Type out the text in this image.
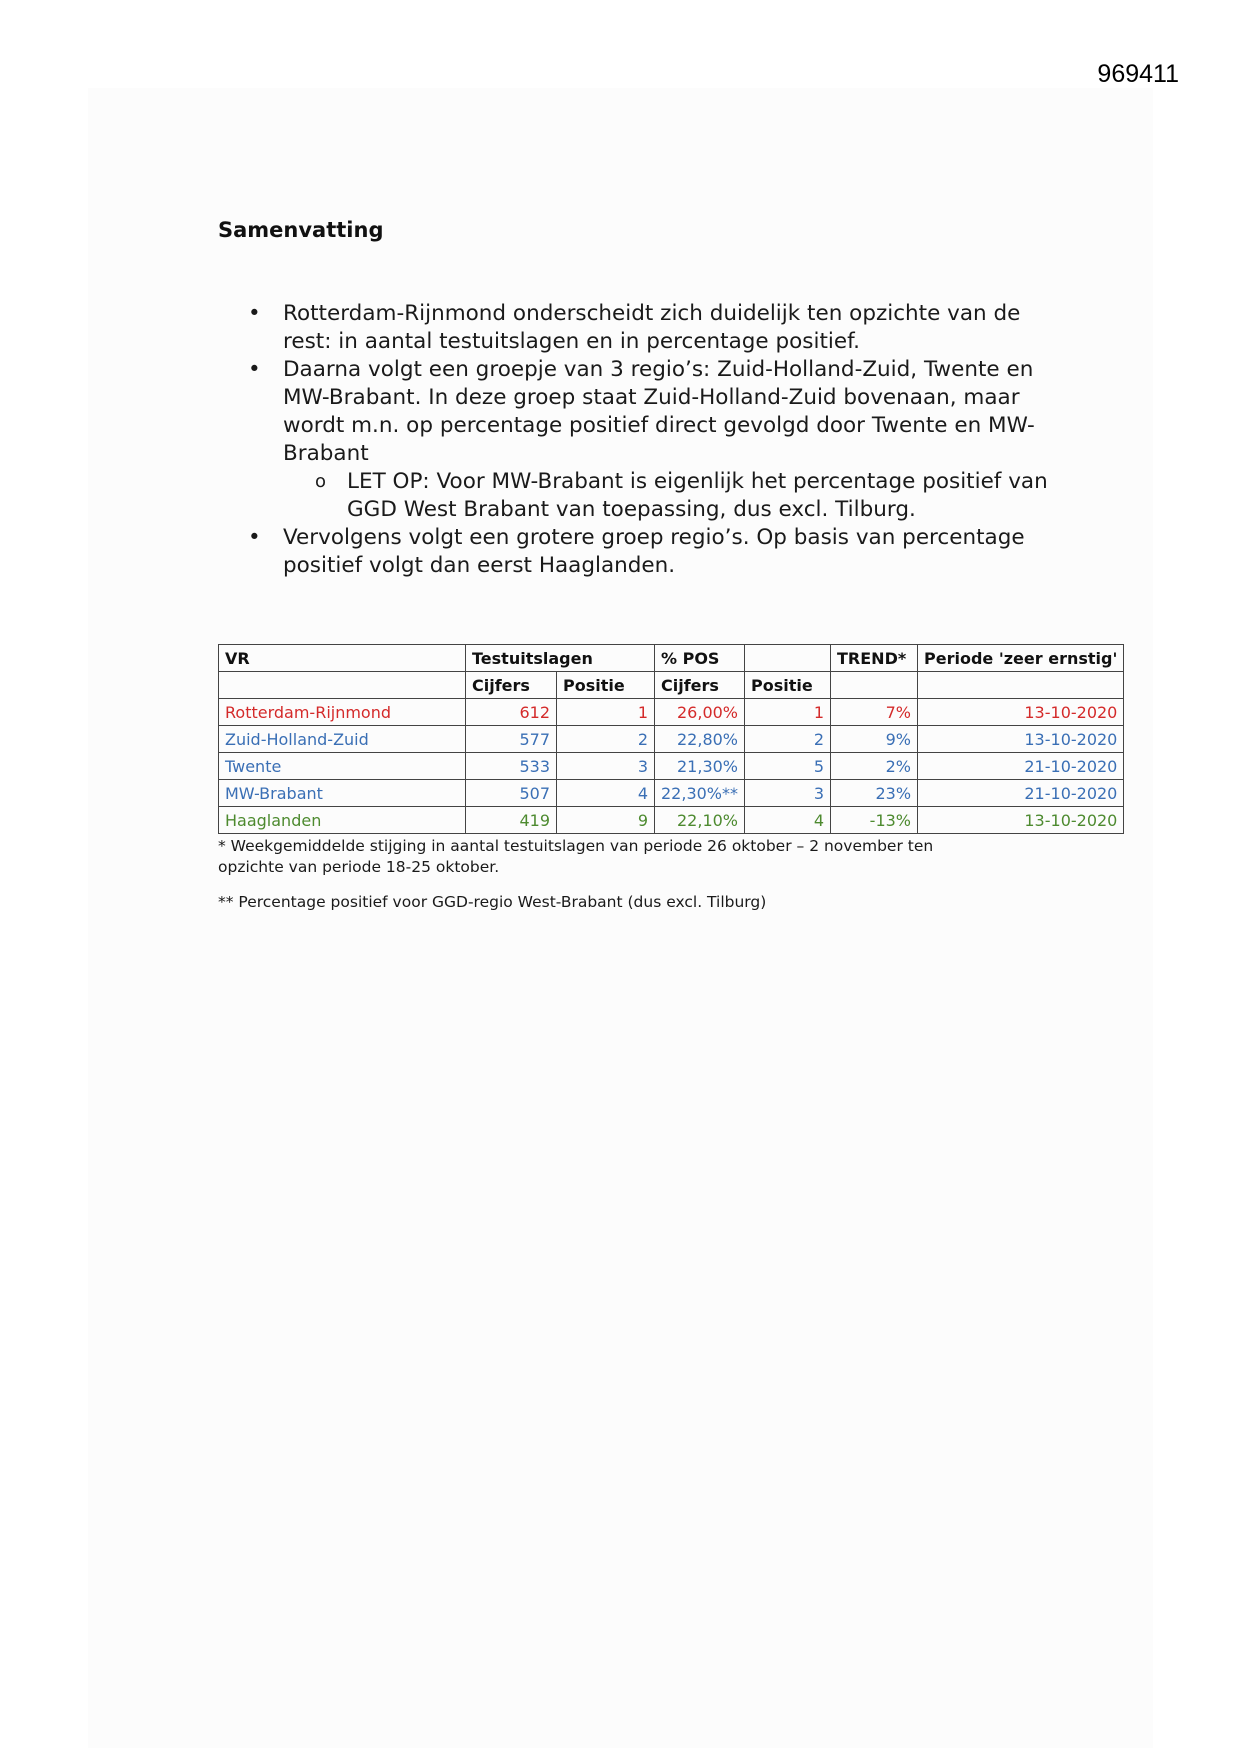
969411
Samenvatting
•	Rotterdam-Rijnmond onderscheidt zich duidelijk ten opzichte van de rest: in aantal testuitslagen en in percentage positief.
•	Daarna volgt een groepje van 3 regio’s: Zuid-Holland-Zuid, Twente en MW-Brabant. In deze groep staat Zuid-Holland-Zuid bovenaan, maar wordt m.n. op percentage positief direct gevolgd door Twente en MW-Brabant
o LET OP: Voor MW-Brabant is eigenlijk het percentage positief van GGD West Brabant van toepassing, dus excl. Tilburg.
•	Vervolgens volgt een grotere groep regio’s. Op basis van percentage positief volgt dan eerst Haaglanden.
VR	Testuitslagen		% POS		TREND*	Periode 'zeer ernstig'
	Cijfers	Positie	Cijfers	Positie		
Rotterdam-Rijnmond	612	1	26,00%	1	7%	13-10-2020
Zuid-Holland-Zuid	577	2	22,80%	2	9%	13-10-2020
Twente	533	3	21,30%	5	2%	21-10-2020
MW-Brabant	507	4	22,30%**	3	23%	21-10-2020
Haaglanden	419	9	22,10%	4	-13%	13-10-2020
* Weekgemiddelde stijging in aantal testuitslagen van periode 26 oktober – 2 november ten opzichte van periode 18-25 oktober.
** Percentage positief voor GGD-regio West-Brabant (dus excl. Tilburg)
